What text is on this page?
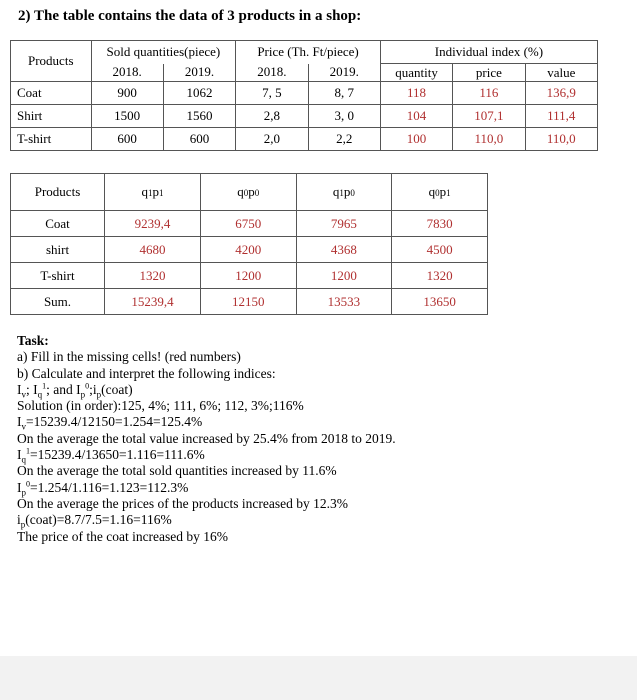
2) The table contains the data of 3 products in a shop:
Products	Sold quantities(piece)		Price (Th. Ft/piece)		Individual index (%)		
	2018.	2019.	2018.	2019.	quantity	price	value
Coat	900	1062	7, 5	8, 7	118	116	136,9
Shirt	1500	1560	2,8	3, 0	104	107,1	111,4
T-shirt	600	600	2,0	2,2	100	110,0	110,0
Products	q1p1	q0p0	q1p0	q0p1
Coat	9239,4	6750	7965	7830
shirt	4680	4200	4368	4500
T-shirt	1320	1200	1200	1320
Sum.	15239,4	12150	13533	13650
Task:
a) Fill in the missing cells! (red numbers)
b) Calculate and interpret the following indices:
$I_v$; $I_q^1$; and $I_p^0;i_p(coat)$
Solution (in order):125, 4%; 111, 6%; 112, 3%;116%
$I_v=15239.4/12150=1.254=125.4\%$
On the average the total value increased by 25.4% from 2018 to 2019.
$I_q^1=15239.4/13650=1.116=111.6\%$
On the average the total sold quantities increased by 11.6%
$I_p^0=1.254/1.116=1.123=112.3\%$
On the average the prices of the products increased by 12.3%
$i_p(coat)=8.7/7.5=1.16=116\%$
The price of the coat increased by 16%
